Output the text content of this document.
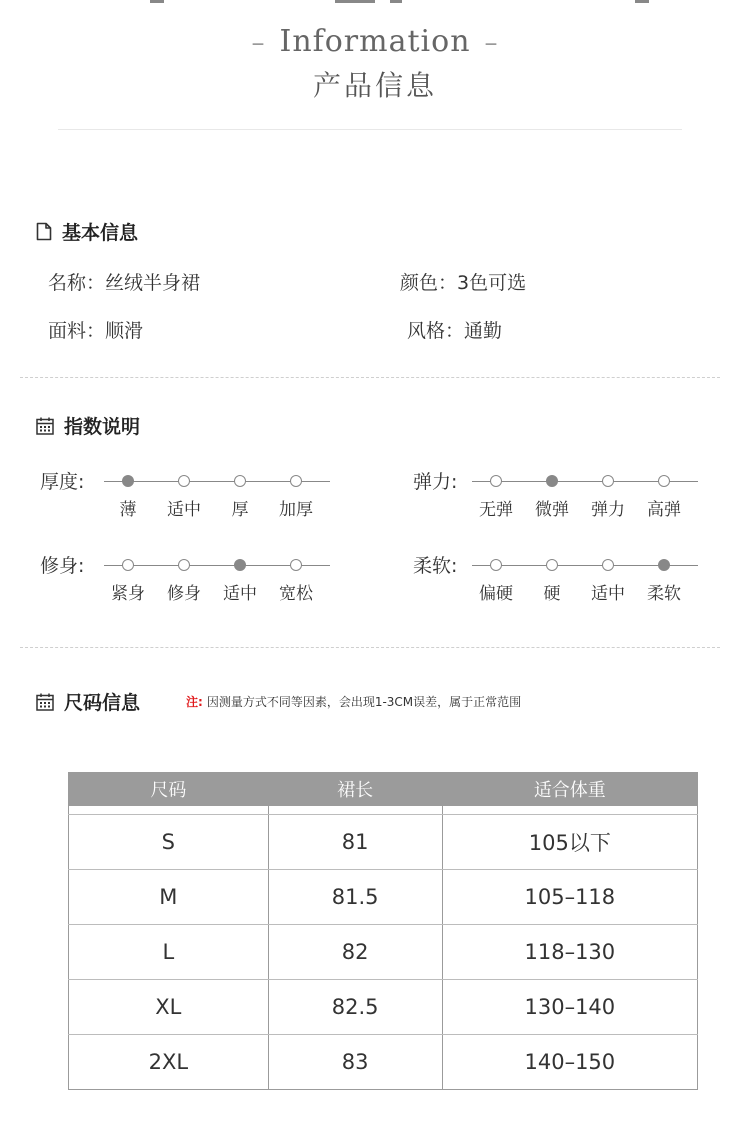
– Information –
产品信息
基本信息
名称：丝绒半身裙	颜色：3色可选
面料：顺滑	风格：通勤
指数说明
厚度:
薄 适中 厚 加厚
弹力:
无弹 微弹 弹力 高弹
修身:
紧身 修身 适中 宽松
柔软:
偏硬 硬 适中 柔软
尺码信息	注: 因测量方式不同等因素，会出现1-3CM误差，属于正常范围
尺码	裙长	适合体重

S	81	105以下
M	81.5	105–118
L	82	118–130
XL	82.5	130–140
2XL	83	140–150
